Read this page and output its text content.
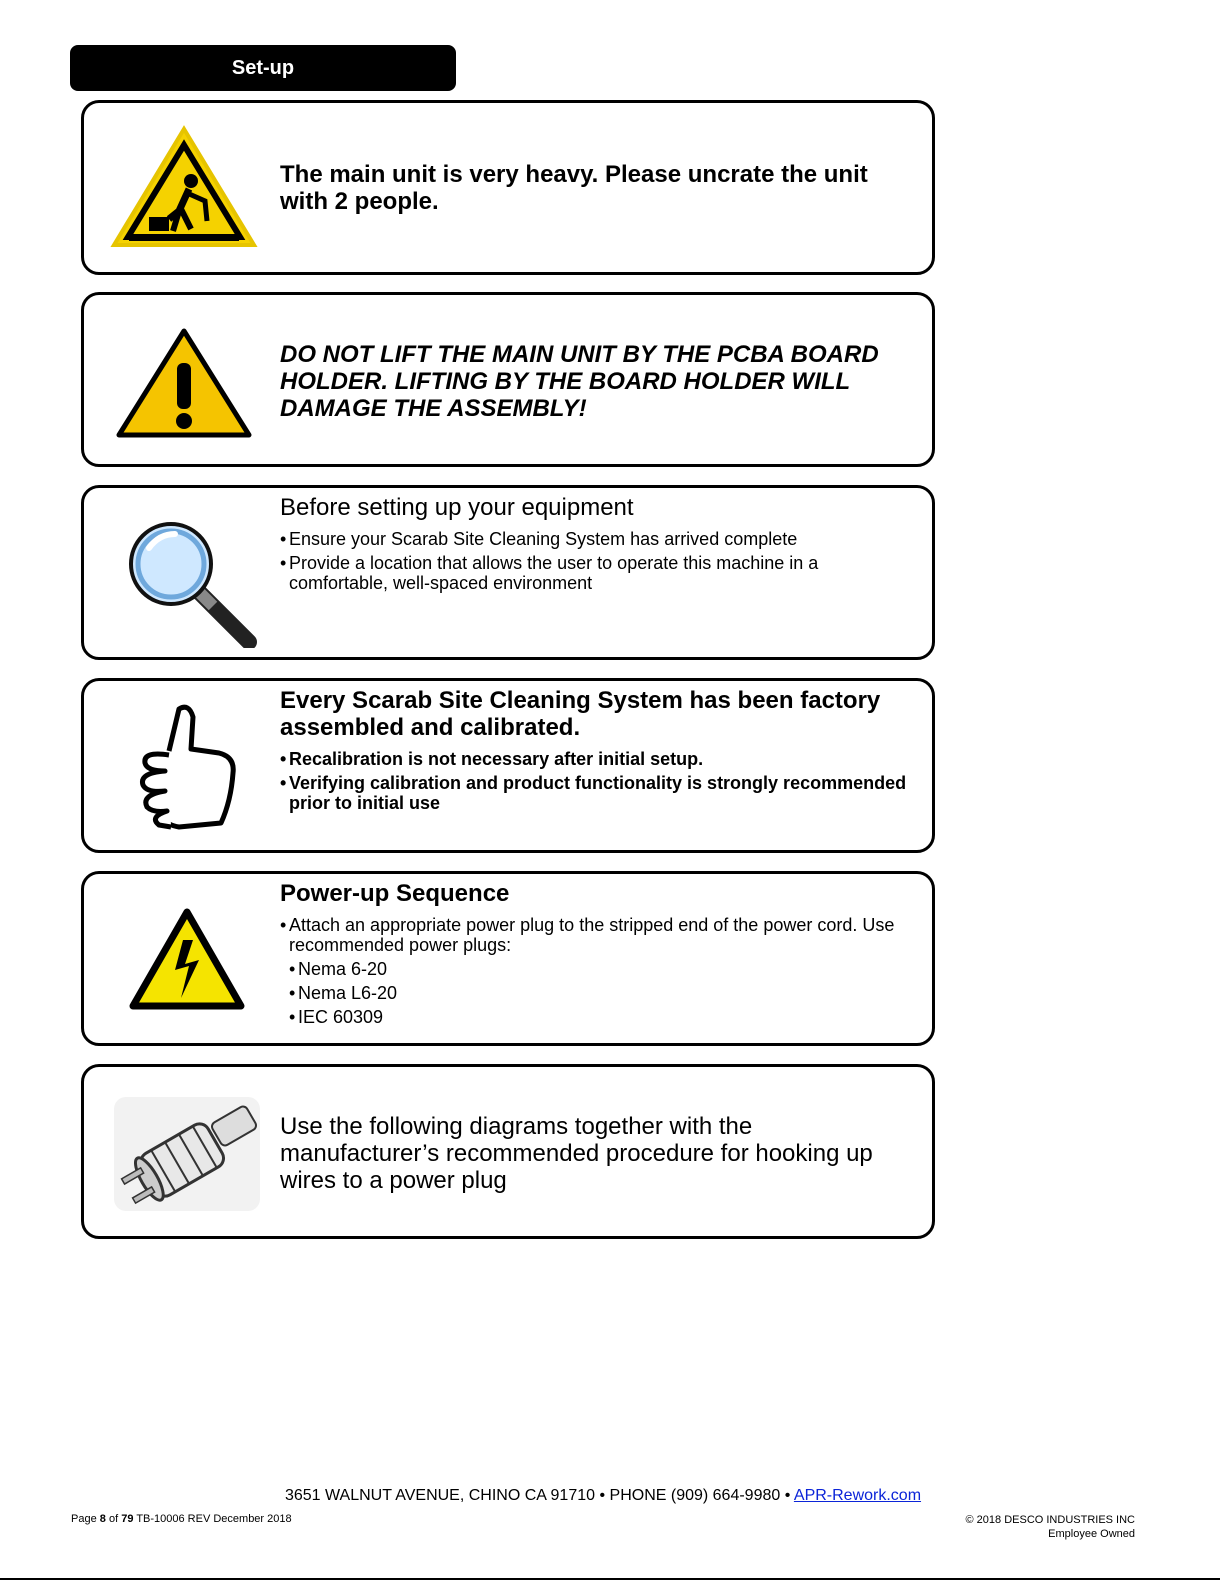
Set-up
The main unit is very heavy. Please uncrate the unit with 2 people.
DO NOT LIFT THE MAIN UNIT BY THE PCBA BOARD HOLDER. LIFTING BY THE BOARD HOLDER WILL DAMAGE THE ASSEMBLY!
Before setting up your equipment
• Ensure your Scarab Site Cleaning System has arrived complete
• Provide a location that allows the user to operate this machine in a comfortable, well-spaced environment
Every Scarab Site Cleaning System has been factory assembled and calibrated.
• Recalibration is not necessary after initial setup.
• Verifying calibration and product functionality is strongly recommended prior to initial use
Power-up Sequence
• Attach an appropriate power plug to the stripped end of the power cord. Use recommended power plugs:
• Nema 6-20
• Nema L6-20
• IEC 60309
Use the following diagrams together with the manufacturer’s recommended procedure for hooking up wires to a power plug
3651 WALNUT AVENUE, CHINO CA 91710 • PHONE (909) 664-9980 • APR-Rework.com
Page 8 of 79 TB-10006 REV December 2018	© 2018 DESCO INDUSTRIES INC
Employee Owned
